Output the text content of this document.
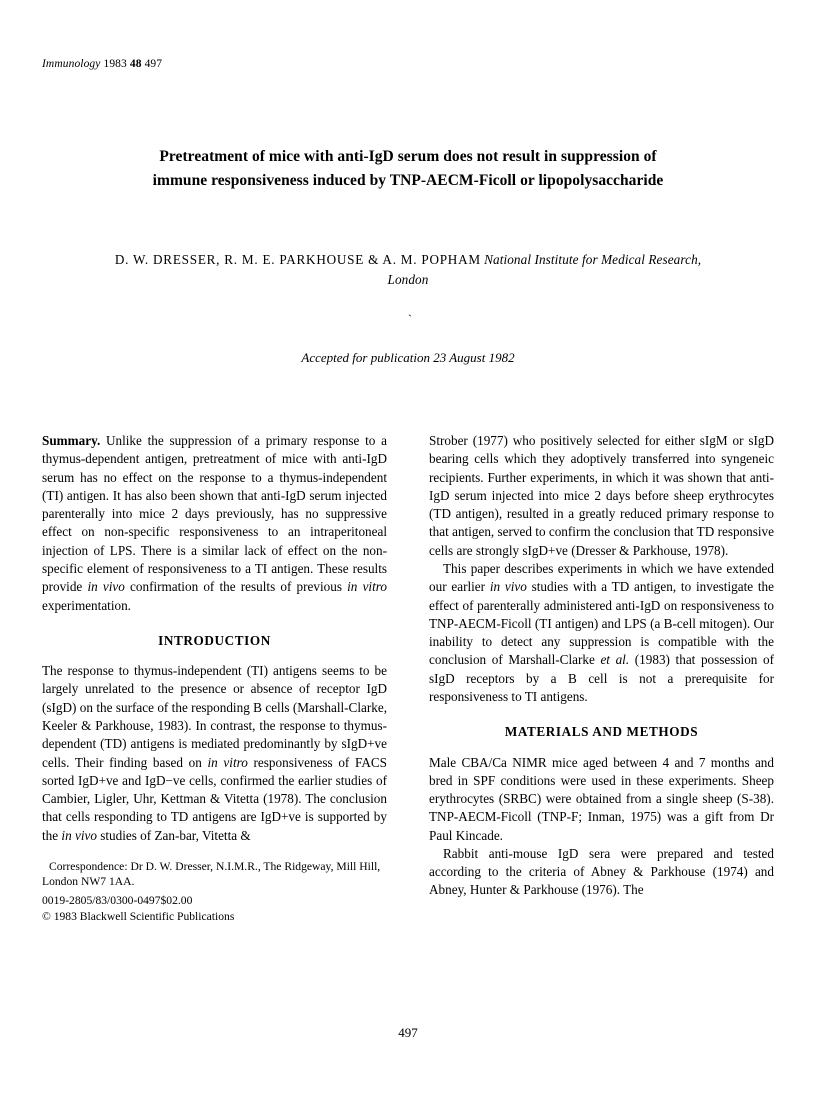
Immunology 1983 48 497
Pretreatment of mice with anti-IgD serum does not result in suppression of
immune responsiveness induced by TNP-AECM-Ficoll or lipopolysaccharide
D. W. DRESSER, R. M. E. PARKHOUSE & A. M. POPHAM National Institute for Medical Research,
London
`
Accepted for publication 23 August 1982

Summary. Unlike the suppression of a primary response to a thymus-dependent antigen, pretreatment of mice with anti-IgD serum has no effect on the response to a thymus-independent (TI) antigen. It has also been shown that anti-IgD serum injected parenterally into mice 2 days previously, has no suppressive effect on non-specific responsiveness to an intraperitoneal injection of LPS. There is a similar lack of effect on the non-specific element of responsiveness to a TI antigen. These results provide in vivo confirmation of the results of previous in vitro experimentation.

INTRODUCTION

The response to thymus-independent (TI) antigens seems to be largely unrelated to the presence or absence of receptor IgD (sIgD) on the surface of the responding B cells (Marshall-Clarke, Keeler & Parkhouse, 1983). In contrast, the response to thymus-dependent (TD) antigens is mediated predominantly by sIgD+ve cells. Their finding based on in vitro responsiveness of FACS sorted IgD+ve and IgD−ve cells, confirmed the earlier studies of Cambier, Ligler, Uhr, Kettman & Vitetta (1978). The conclusion that cells responding to TD antigens are IgD+ve is supported by the in vivo studies of Zan-bar, Vitetta &

Correspondence: Dr D. W. Dresser, N.I.M.R., The Ridgeway, Mill Hill, London NW7 1AA.
0019-2805/83/0300-0497$02.00
© 1983 Blackwell Scientific Publications

Strober (1977) who positively selected for either sIgM or sIgD bearing cells which they adoptively transferred into syngeneic recipients. Further experiments, in which it was shown that anti-IgD serum injected into mice 2 days before sheep erythrocytes (TD antigen), resulted in a greatly reduced primary response to that antigen, served to confirm the conclusion that TD responsive cells are strongly sIgD+ve (Dresser & Parkhouse, 1978).

This paper describes experiments in which we have extended our earlier in vivo studies with a TD antigen, to investigate the effect of parenterally administered anti-IgD on responsiveness to TNP-AECM-Ficoll (TI antigen) and LPS (a B-cell mitogen). Our inability to detect any suppression is compatible with the conclusion of Marshall-Clarke et al. (1983) that possession of sIgD receptors by a B cell is not a prerequisite for responsiveness to TI antigens.

MATERIALS AND METHODS

Male CBA/Ca NIMR mice aged between 4 and 7 months and bred in SPF conditions were used in these experiments. Sheep erythrocytes (SRBC) were obtained from a single sheep (S-38). TNP-AECM-Ficoll (TNP-F; Inman, 1975) was a gift from Dr Paul Kincade.

Rabbit anti-mouse IgD sera were prepared and tested according to the criteria of Abney & Parkhouse (1974) and Abney, Hunter & Parkhouse (1976). The

497
